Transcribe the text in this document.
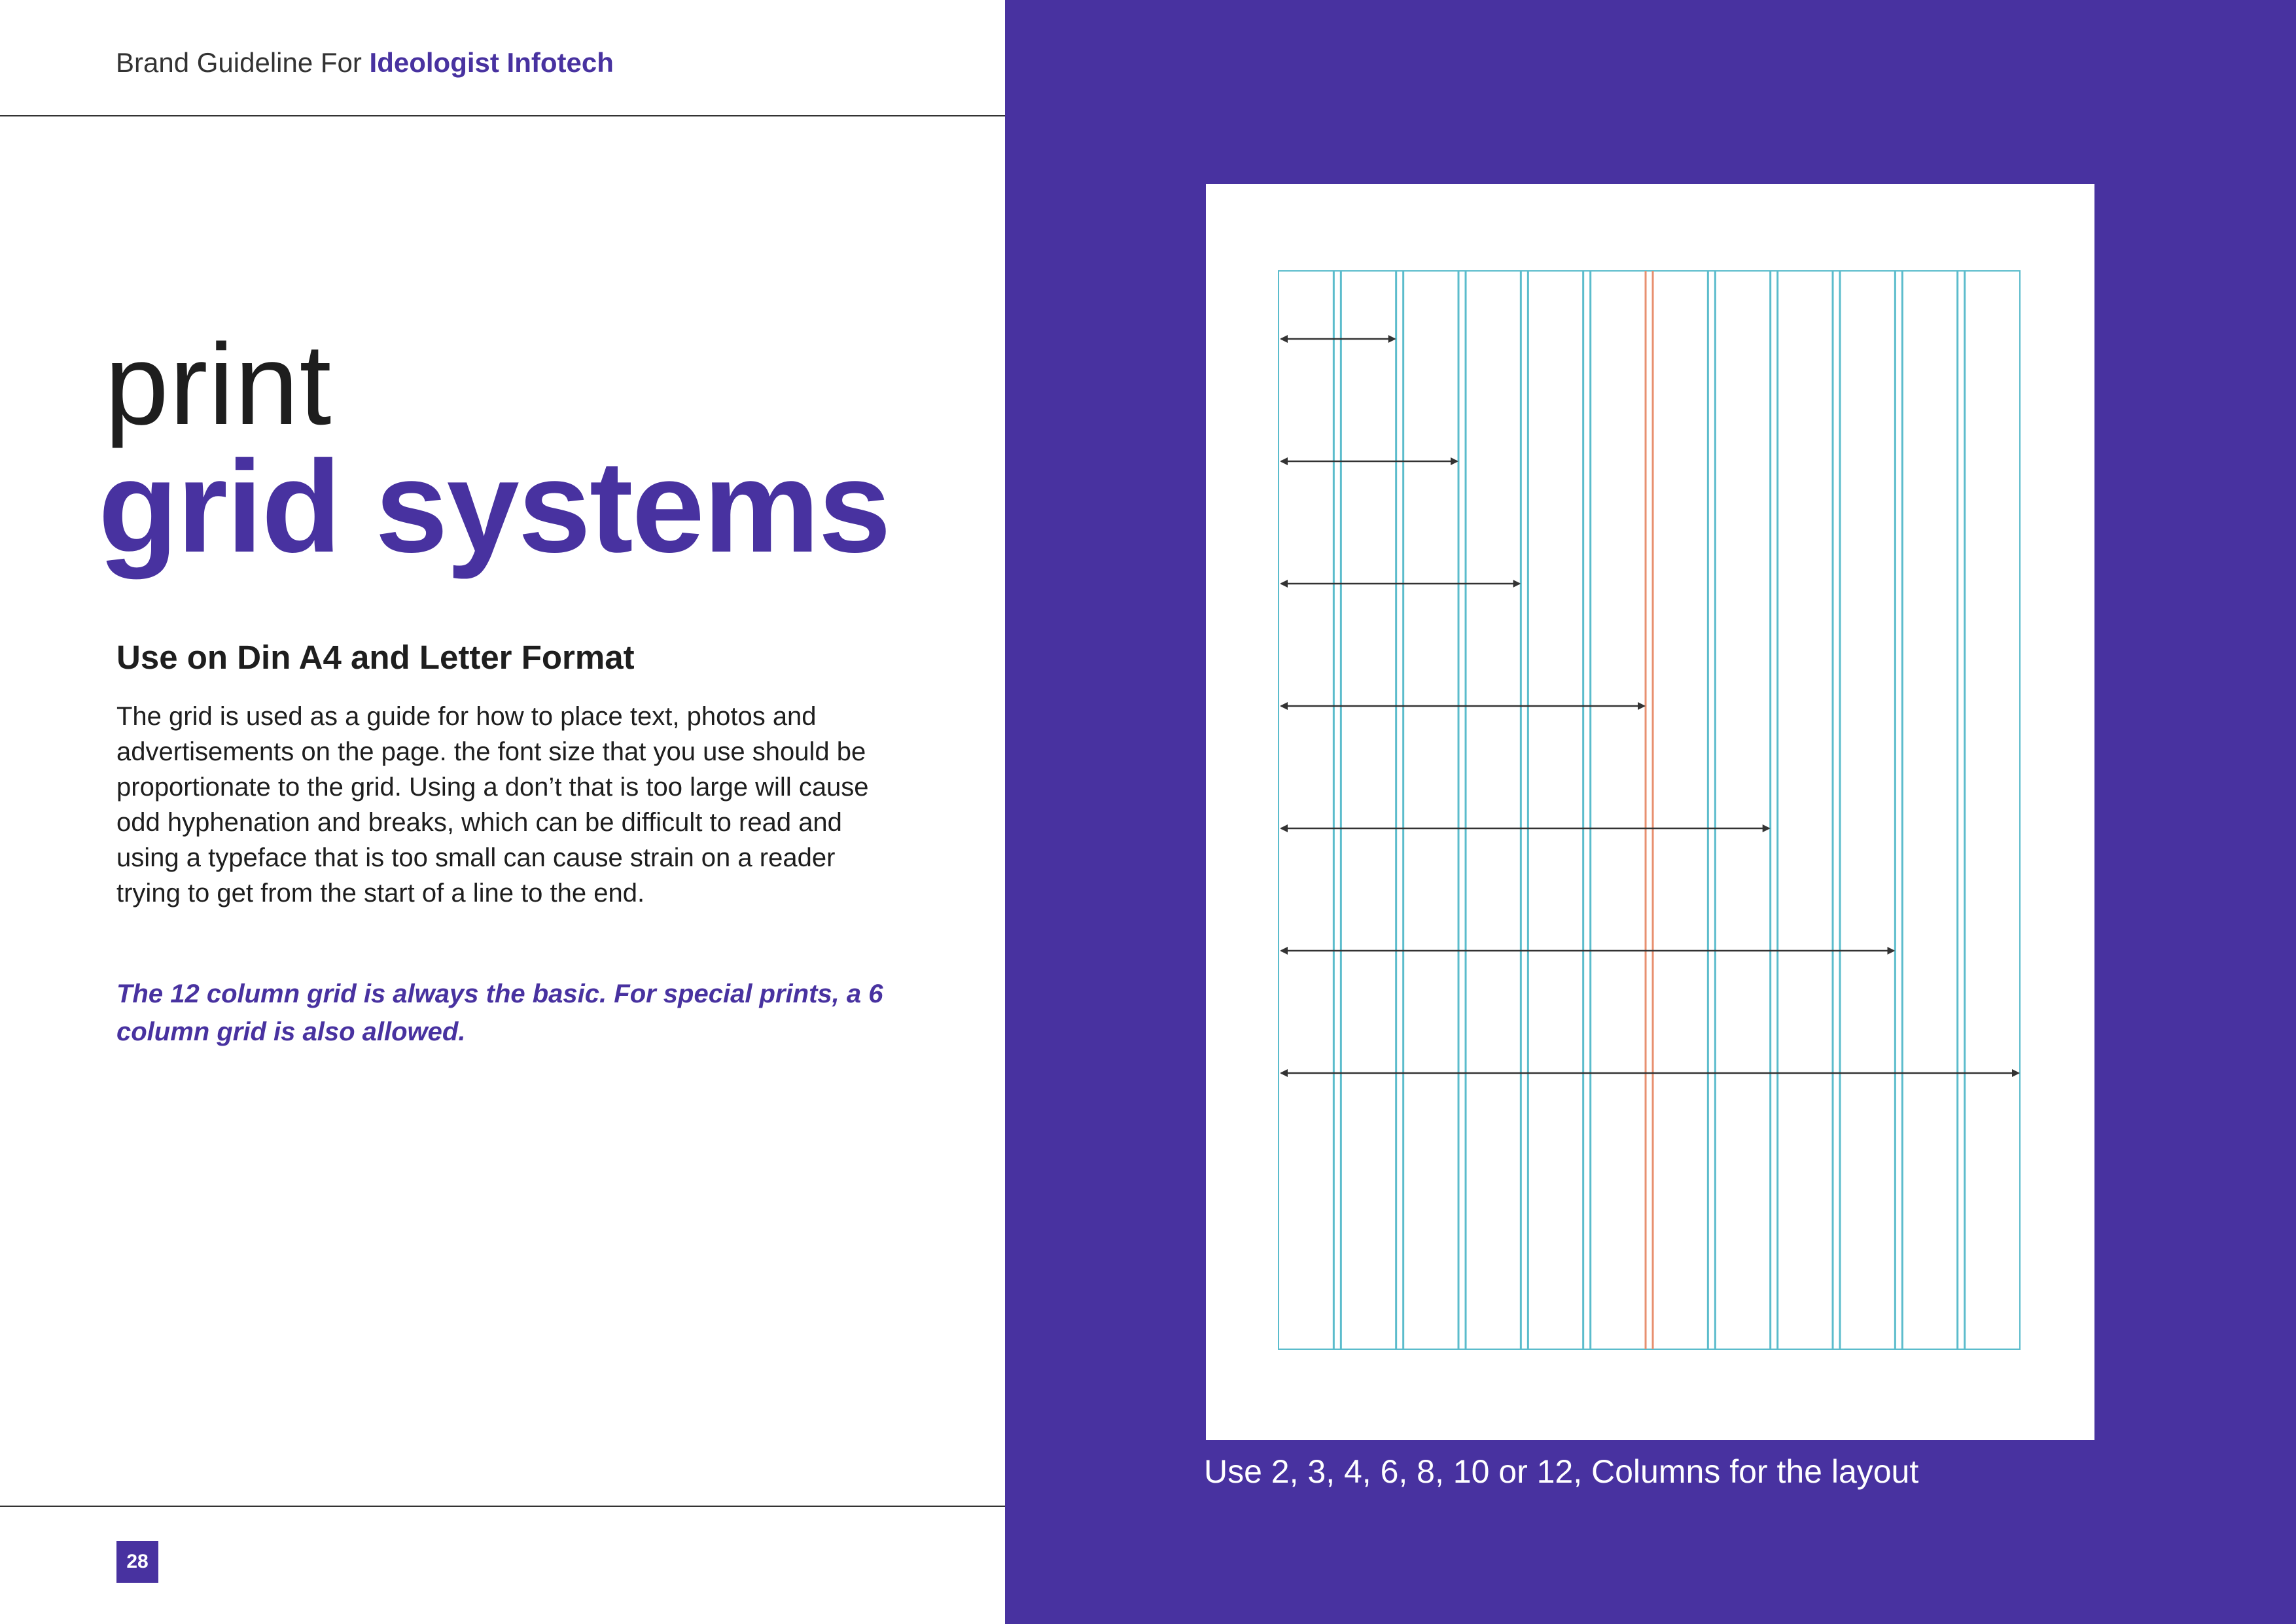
Brand Guideline For Ideologist Infotech
print
grid systems
Use on Din A4 and Letter Format
The grid is used as a guide for how to place text, photos and advertisements on the page. the font size that you use should be proportionate to the grid. Using a don’t that is too large will cause odd hyphenation and breaks, which can be difficult to read and using a typeface that is too small can cause strain on a reader trying to get from the start of a line to the end.
The 12 column grid is always the basic. For special prints, a 6 column grid is also allowed.
28
Use 2, 3, 4, 6, 8, 10 or 12, Columns for the layout
